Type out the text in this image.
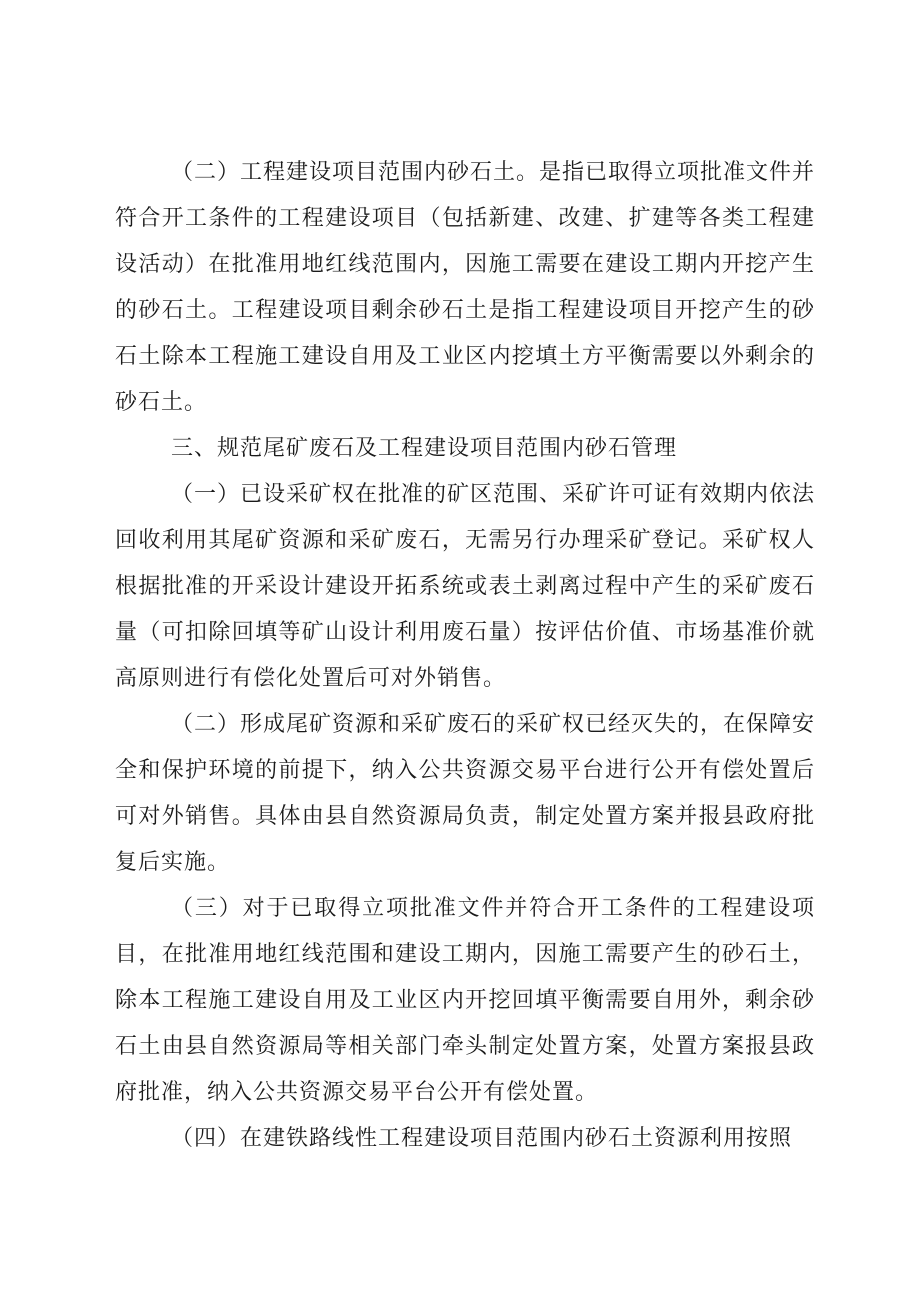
（二）工程建设项目范围内砂石土。是指已取得立项批准文件并符合开工条件的工程建设项目（包括新建、改建、扩建等各类工程建设活动）在批准用地红线范围内，因施工需要在建设工期内开挖产生的砂石土。工程建设项目剩余砂石土是指工程建设项目开挖产生的砂石土除本工程施工建设自用及工业区内挖填土方平衡需要以外剩余的砂石土。

三、规范尾矿废石及工程建设项目范围内砂石管理

（一）已设采矿权在批准的矿区范围、采矿许可证有效期内依法回收利用其尾矿资源和采矿废石，无需另行办理采矿登记。采矿权人根据批准的开采设计建设开拓系统或表土剥离过程中产生的采矿废石量（可扣除回填等矿山设计利用废石量）按评估价值、市场基准价就高原则进行有偿化处置后可对外销售。

（二）形成尾矿资源和采矿废石的采矿权已经灭失的，在保障安全和保护环境的前提下，纳入公共资源交易平台进行公开有偿处置后可对外销售。具体由县自然资源局负责，制定处置方案并报县政府批复后实施。

（三）对于已取得立项批准文件并符合开工条件的工程建设项目，在批准用地红线范围和建设工期内，因施工需要产生的砂石土，除本工程施工建设自用及工业区内开挖回填平衡需要自用外，剩余砂石土由县自然资源局等相关部门牵头制定处置方案，处置方案报县政府批准，纳入公共资源交易平台公开有偿处置。

（四）在建铁路线性工程建设项目范围内砂石土资源利用按照
